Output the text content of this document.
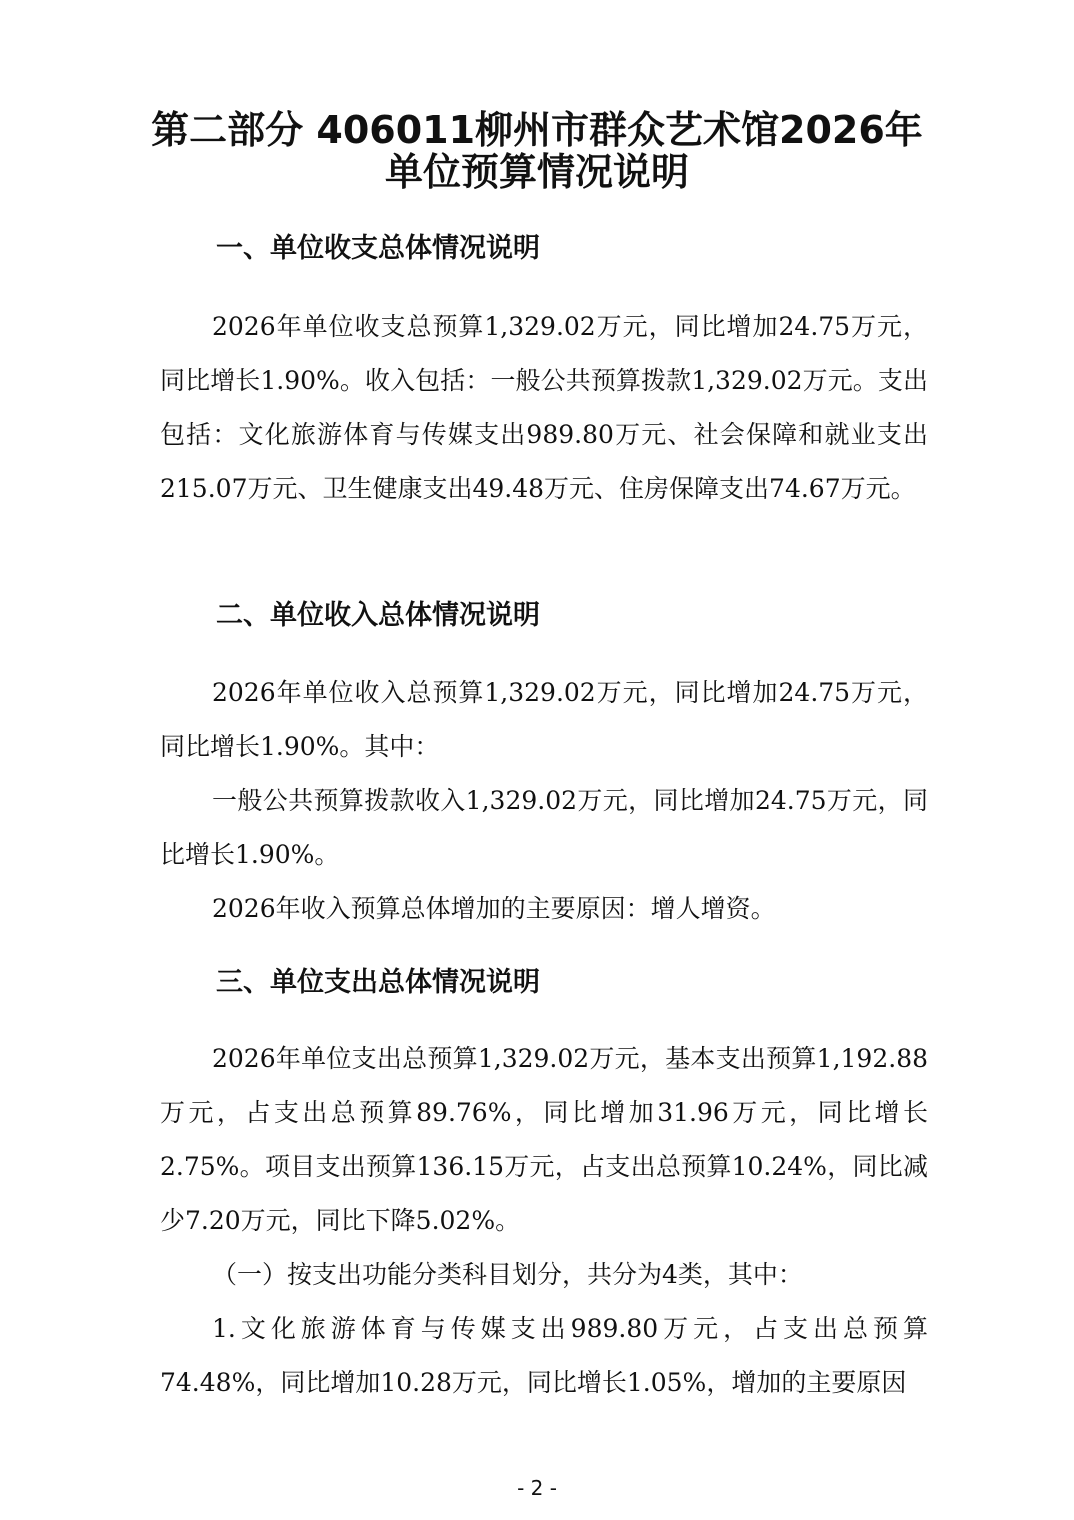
第二部分 406011柳州市群众艺术馆2026年
单位预算情况说明
一、单位收支总体情况说明

2026年单位收支总预算1,329.02万元，同比增加24.75万元，同比增长1.90%。收入包括：一般公共预算拨款1,329.02万元。支出包括：文化旅游体育与传媒支出989.80万元、社会保障和就业支出215.07万元、卫生健康支出49.48万元、住房保障支出74.67万元。

二、单位收入总体情况说明

2026年单位收入总预算1,329.02万元，同比增加24.75万元，同比增长1.90%。其中：

一般公共预算拨款收入1,329.02万元，同比增加24.75万元，同比增长1.90%。

2026年收入预算总体增加的主要原因：增人增资。

三、单位支出总体情况说明

2026年单位支出总预算1,329.02万元，基本支出预算1,192.88万元，占支出总预算89.76%，同比增加31.96万元，同比增长2.75%。项目支出预算136.15万元，占支出总预算10.24%，同比减少7.20万元，同比下降5.02%。

（一）按支出功能分类科目划分，共分为4类，其中：

1.文化旅游体育与传媒支出989.80万元，占支出总预算74.48%，同比增加10.28万元，同比增长1.05%，增加的主要原因

- 2 -
